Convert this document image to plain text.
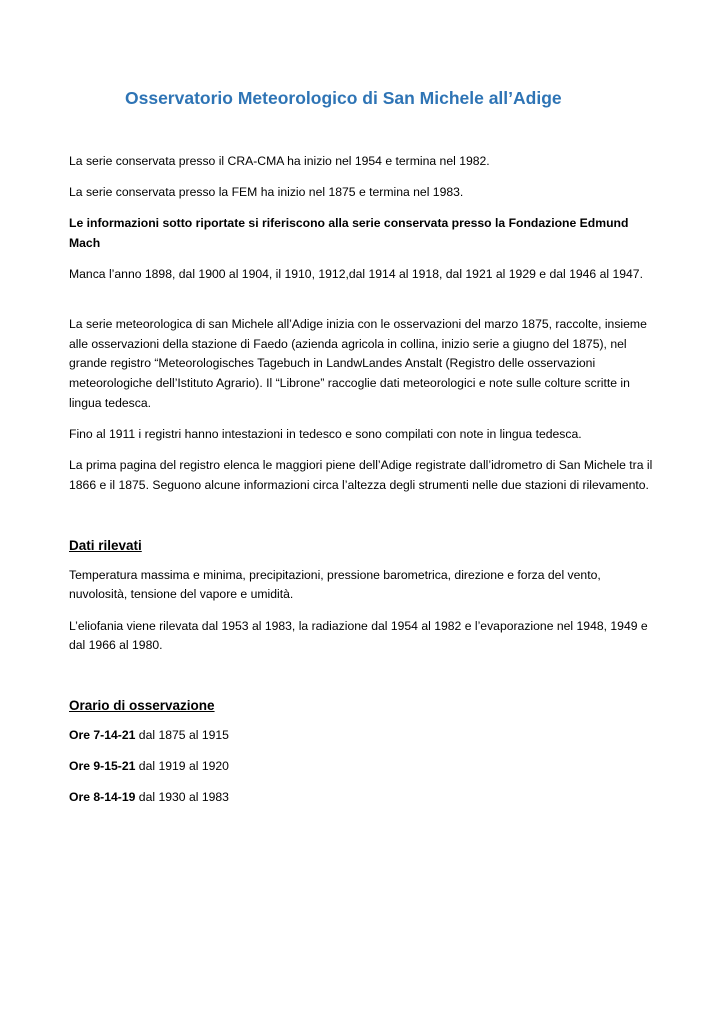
Osservatorio Meteorologico di San Michele all’Adige

La serie conservata presso il CRA-CMA ha inizio nel 1954 e termina nel 1982.

La serie conservata presso la FEM ha inizio nel 1875 e termina nel 1983.

Le informazioni sotto riportate si riferiscono alla serie conservata presso la Fondazione Edmund Mach

Manca l’anno 1898, dal 1900 al 1904, il 1910, 1912,dal 1914 al 1918, dal 1921 al 1929 e dal 1946 al 1947.

La serie meteorologica di san Michele all’Adige inizia con le osservazioni del marzo 1875, raccolte, insieme alle osservazioni della stazione di Faedo (azienda agricola in collina, inizio serie a giugno del 1875), nel grande registro “Meteorologisches Tagebuch in LandwLandes Anstalt (Registro delle osservazioni meteorologiche dell’Istituto Agrario). Il “Librone” raccoglie dati meteorologici e note sulle colture scritte in lingua tedesca.

Fino al 1911 i registri hanno intestazioni in tedesco e sono compilati con note in lingua tedesca.

La prima pagina del registro elenca le maggiori piene dell’Adige registrate dall’idrometro di San Michele tra il 1866 e il 1875. Seguono alcune informazioni circa l’altezza degli strumenti nelle due stazioni di rilevamento.

Dati rilevati

Temperatura massima e minima, precipitazioni, pressione barometrica, direzione e forza del vento, nuvolosità, tensione del vapore e umidità.

L’eliofania viene rilevata dal 1953 al 1983, la radiazione dal 1954 al 1982 e l’evaporazione nel 1948, 1949 e dal 1966 al 1980.

Orario di osservazione
Ore 7-14-21 dal 1875 al 1915
Ore 9-15-21 dal 1919 al 1920
Ore 8-14-19 dal 1930 al 1983
